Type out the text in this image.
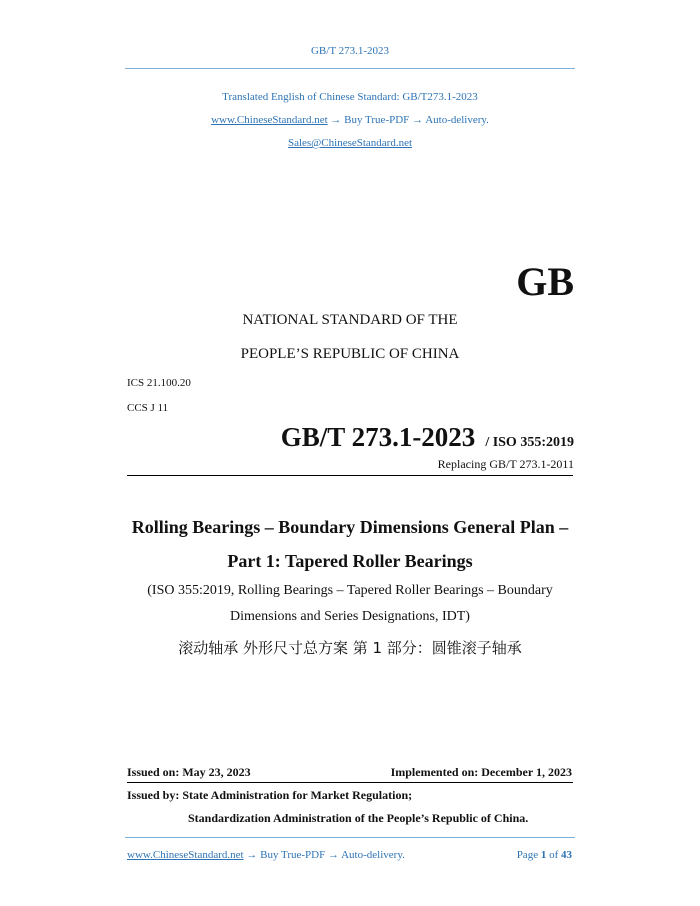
GB/T 273.1-2023
Translated English of Chinese Standard: GB/T273.1-2023
www.ChineseStandard.net → Buy True-PDF → Auto-delivery.
Sales@ChineseStandard.net
GB
NATIONAL STANDARD OF THE
PEOPLE’S REPUBLIC OF CHINA
ICS 21.100.20
CCS J 11
GB/T 273.1-2023 / ISO 355:2019
Replacing GB/T 273.1-2011
Rolling Bearings – Boundary Dimensions General Plan –
Part 1: Tapered Roller Bearings
(ISO 355:2019, Rolling Bearings – Tapered Roller Bearings – Boundary
Dimensions and Series Designations, IDT)
滚动轴承 外形尺寸总方案 第 1 部分：圆锥滚子轴承
Issued on: May 23, 2023	Implemented on: December 1, 2023
Issued by: State Administration for Market Regulation;
Standardization Administration of the People’s Republic of China.
www.ChineseStandard.net → Buy True-PDF → Auto-delivery.	Page 1 of 43
